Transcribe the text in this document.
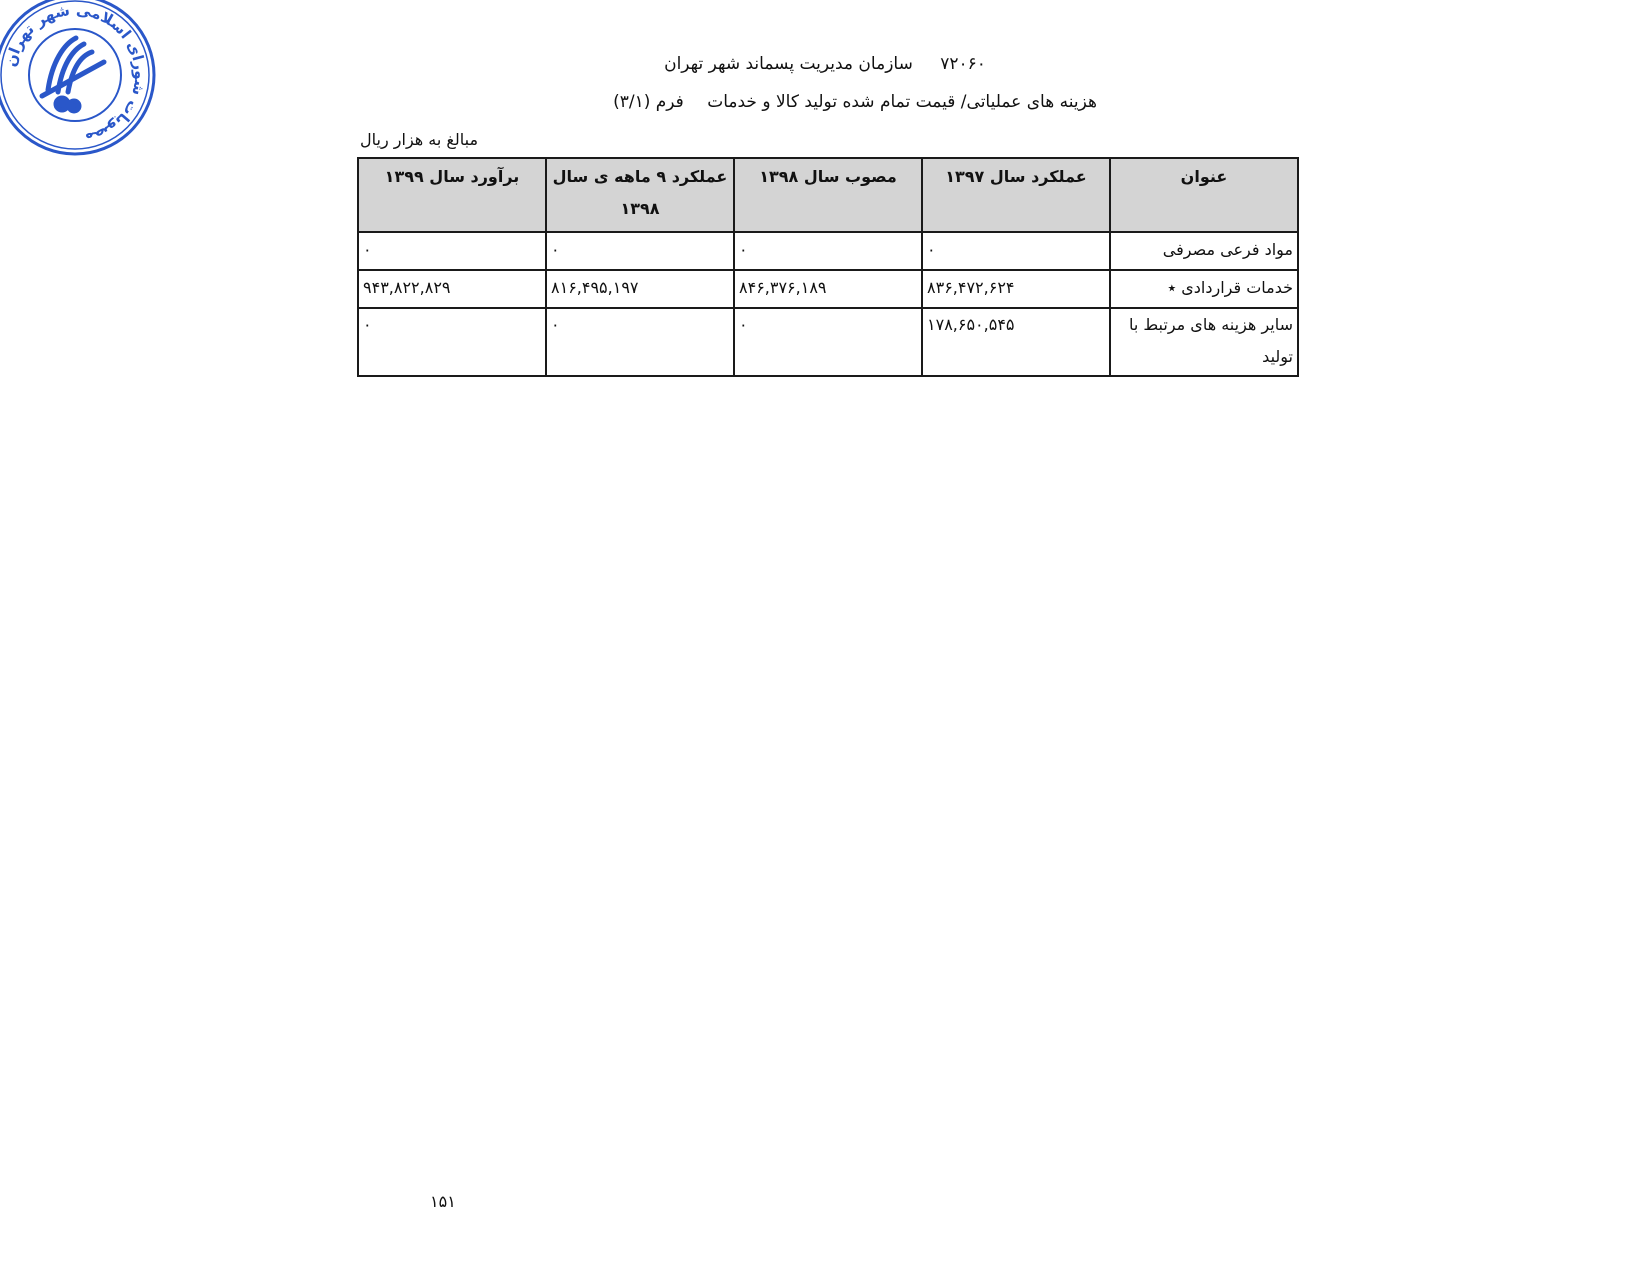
مصوبات شورای اسلامی شهر تهران
۷۲۰۶۰ سازمان مدیریت پسماند شهر تهران
هزینه های عملیاتی/ قیمت تمام شده تولید کالا و خدمات فرم (۳/۱)
مبالغ به هزار ریال
عنوان	عملکرد سال ۱۳۹۷	مصوب سال ۱۳۹۸	عملکرد ۹ ماهه ی سال ۱۳۹۸	برآورد سال ۱۳۹۹
مواد فرعی مصرفی	۰	۰	۰	۰
خدمات قراردادی ٭	۸۳۶,۴۷۲,۶۲۴	۸۴۶,۳۷۶,۱۸۹	۸۱۶,۴۹۵,۱۹۷	۹۴۳,۸۲۲,۸۲۹
سایر هزینه های مرتبط با تولید	۱۷۸,۶۵۰,۵۴۵	۰	۰	۰
۱۵۱
